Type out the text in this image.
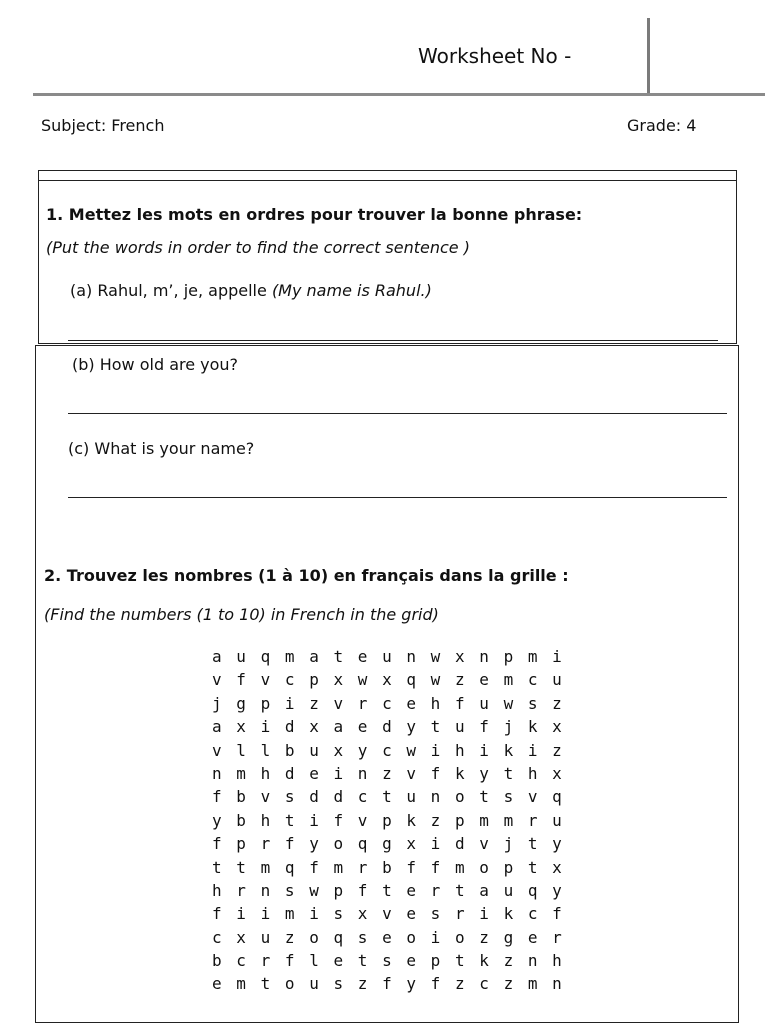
Worksheet No -
Subject: French	Grade: 4
1. Mettez les mots en ordres pour trouver la bonne phrase:
(Put the words in order to find the correct sentence )
(a) Rahul, m’, je, appelle (My name is Rahul.)
(b) How old are you?
(c) What is your name?
2. Trouvez les nombres (1 à 10) en français dans la grille :
(Find the numbers (1 to 10) in French in the grid)
a u q m a t e u n w x n p m i
v f v c p x w x q w z e m c u
j g p i z v r c e h f u w s z
a x i d x a e d y t u f j k x
v l l b u x y c w i h i k i z
n m h d e i n z v f k y t h x
f b v s d d c t u n o t s v q
y b h t i f v p k z p m m r u
f p r f y o q g x i d v j t y
t t m q f m r b f f m o p t x
h r n s w p f t e r t a u q y
f i i m i s x v e s r i k c f
c x u z o q s e o i o z g e r
b c r f l e t s e p t k z n h
e m t o u s z f y f z c z m n
